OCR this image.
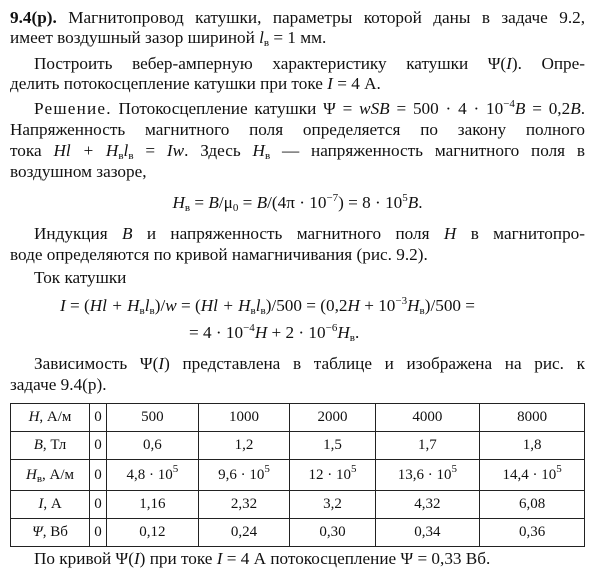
9.4(р). Магнитопровод катушки, параметры которой даны в задаче 9.2,
имеет воздушный зазор шириной $l_в = 1$ мм.
Построить вебер-амперную характеристику катушки Ψ(I). Опре-
делить потокосцепление катушки при токе I = 4 А.
Решение. Потокосцепление катушки Ψ = wSB = $500 \cdot 4 \cdot 10^{-4}B = 0,2B$.
Напряженность магнитного поля определяется по закону полного
тока $Hl + H_вl_в = Iw$. Здесь $H_в$ — напряженность магнитного поля в
воздушном зазоре,
$H_в = B/\mu_0 = B/(4\pi \cdot 10^{-7}) = 8 \cdot 10^5B$.
Индукция B и напряженность магнитного поля H в магнитопро-
воде определяются по кривой намагничивания (рис. 9.2).
Ток катушки
$I = (Hl + H_вl_в)/w = (Hl + H_вl_в)/500 = (0,2H + 10^{-3}H_в)/500$ =
= $4 \cdot 10^{-4}H + 2 \cdot 10^{-6}H_в$.
Зависимость Ψ(I) представлена в таблице и изображена на рис. к
задаче 9.4(р).
H, А/м	0	500	1000	2000	4000	8000
B, Тл	0	0,6	1,2	1,5	1,7	1,8
$H_в$, А/м	0	$4,8 \cdot 10^5$	$9,6 \cdot 10^5$	$12 \cdot 10^5$	$13,6 \cdot 10^5$	$14,4 \cdot 10^5$
I, А	0	1,16	2,32	3,2	4,32	6,08
Ψ, Вб	0	0,12	0,24	0,30	0,34	0,36
По кривой Ψ(I) при токе I = 4 А потокосцепление Ψ = 0,33 Вб.
